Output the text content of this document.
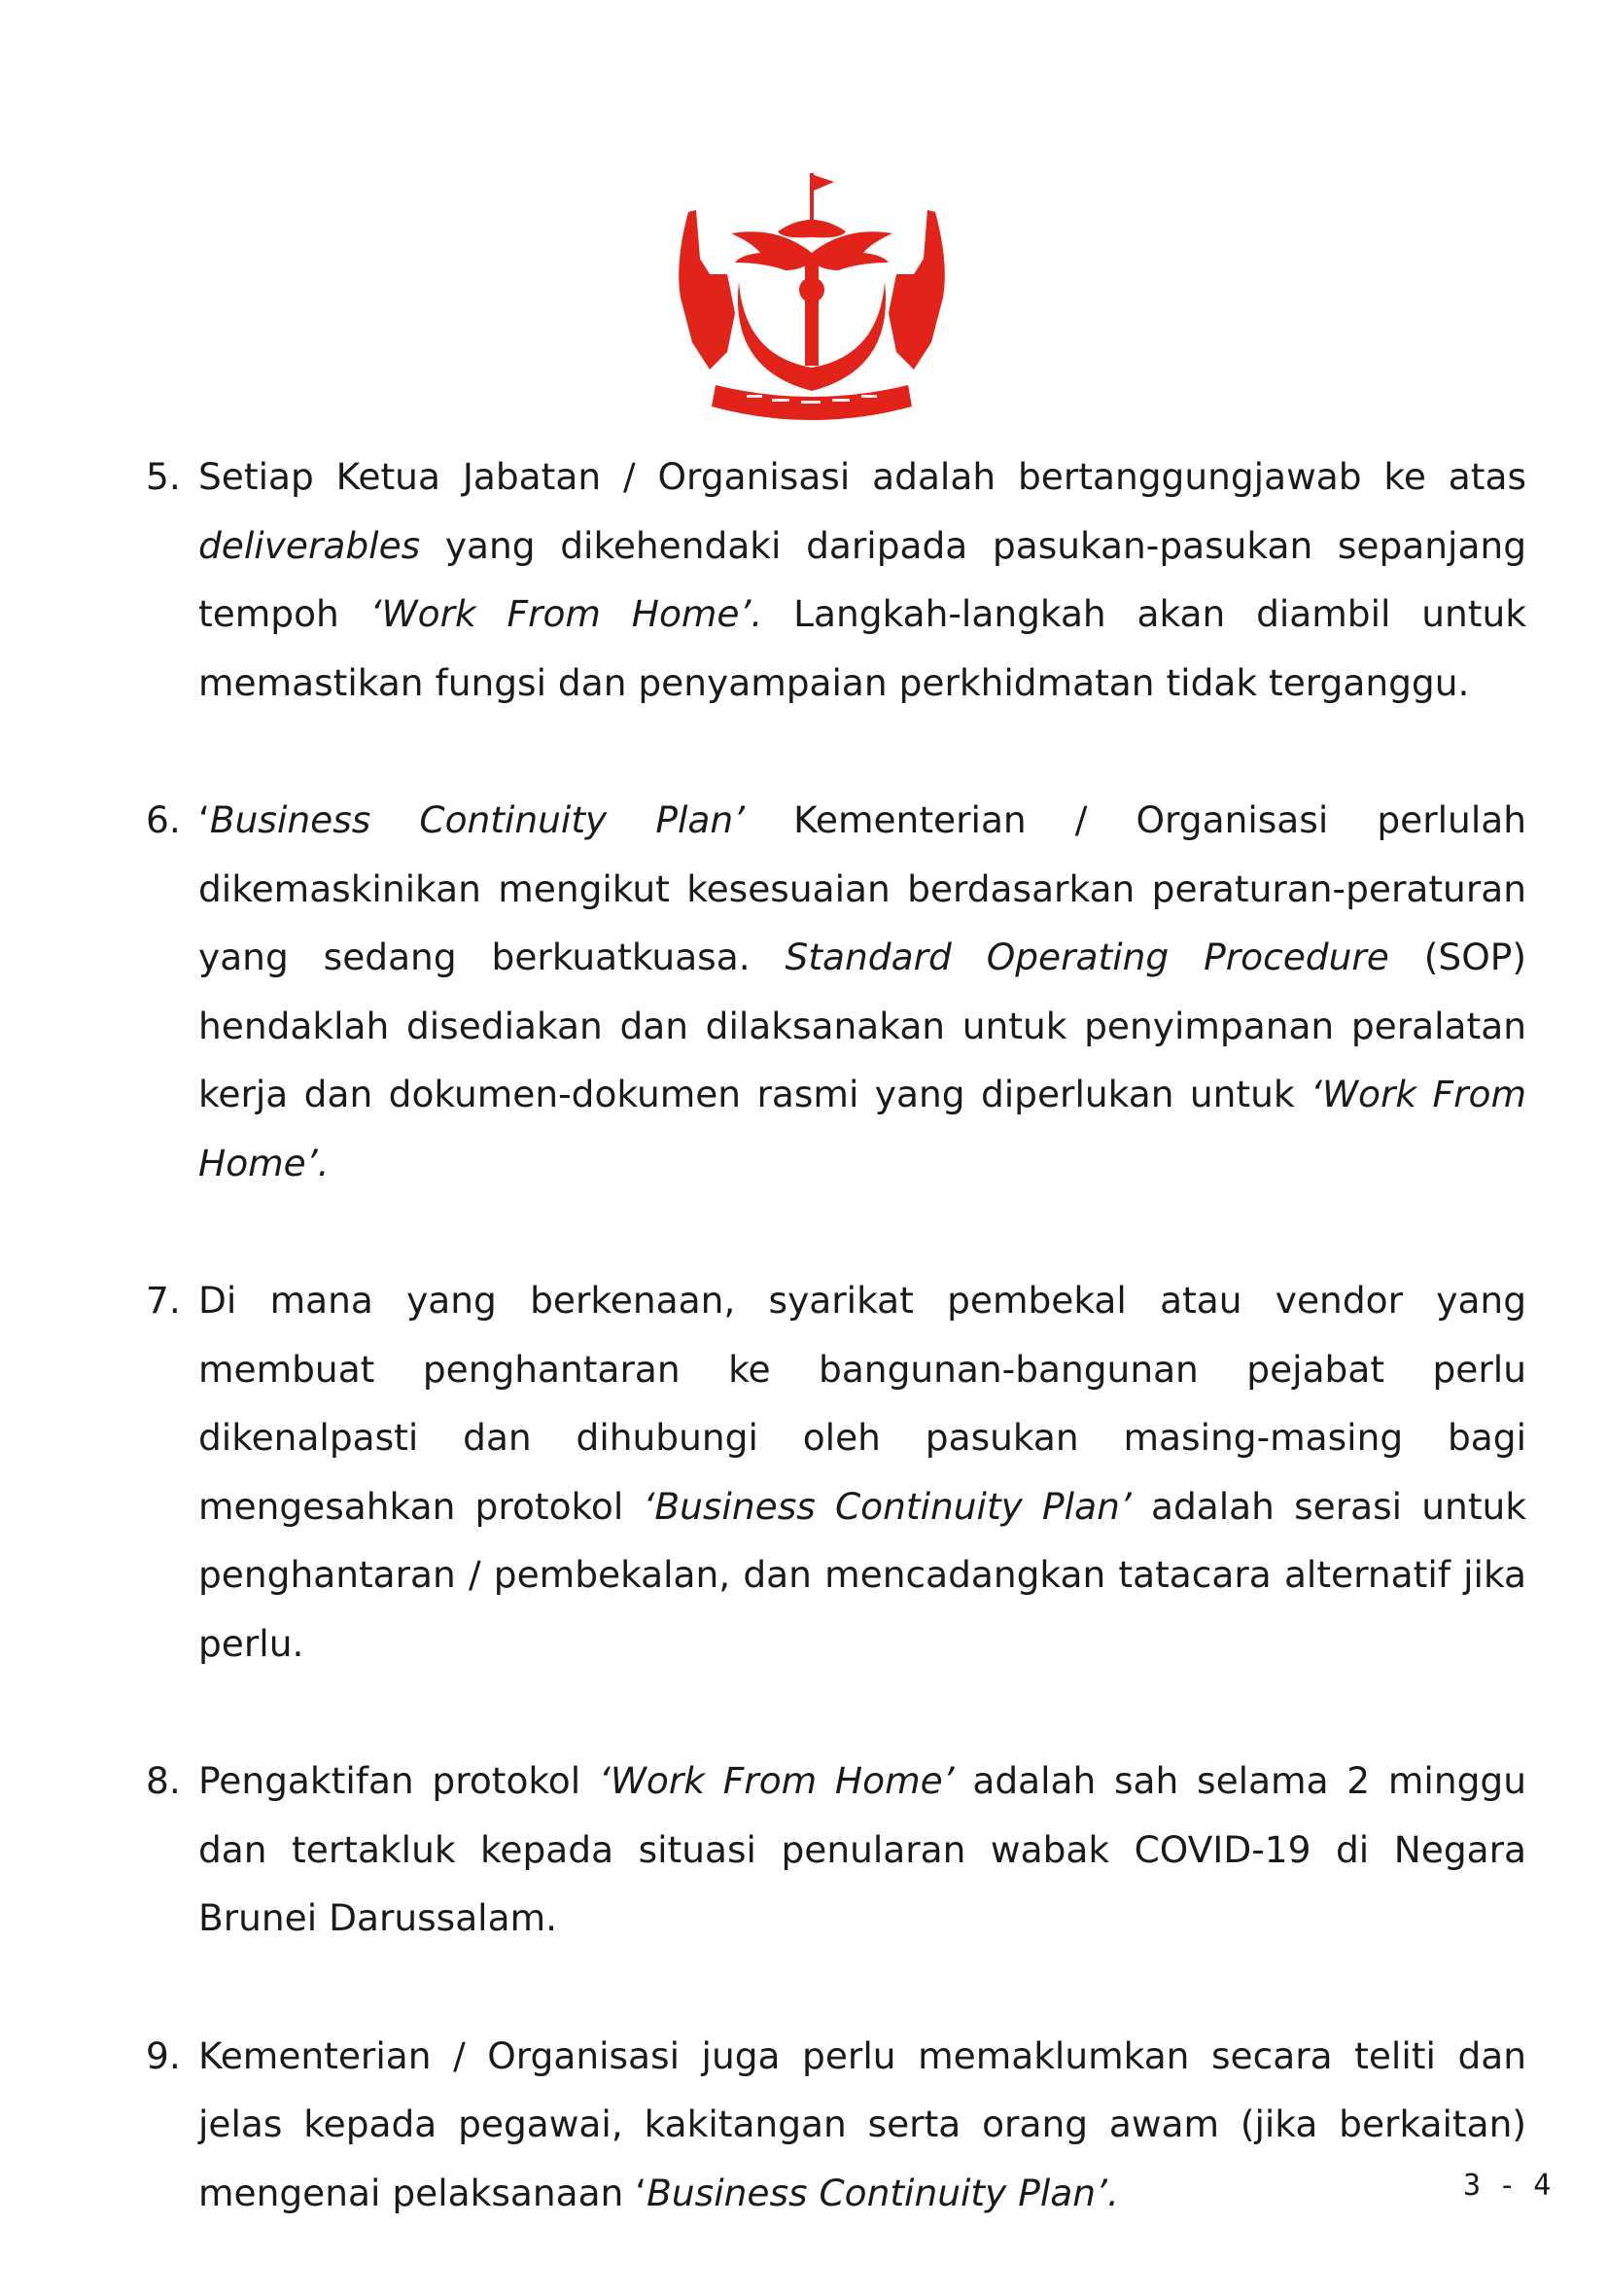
5. Setiap Ketua Jabatan / Organisasi adalah bertanggungjawab ke atas deliverables yang dikehendaki daripada pasukan-pasukan sepanjang tempoh ‘Work From Home’. Langkah-langkah akan diambil untuk memastikan fungsi dan penyampaian perkhidmatan tidak terganggu.
6. ‘Business Continuity Plan’ Kementerian / Organisasi perlulah dikemaskinikan mengikut kesesuaian berdasarkan peraturan-peraturan yang sedang berkuatkuasa. Standard Operating Procedure (SOP) hendaklah disediakan dan dilaksanakan untuk penyimpanan peralatan kerja dan dokumen-dokumen rasmi yang diperlukan untuk ‘Work From Home’.
7. Di mana yang berkenaan, syarikat pembekal atau vendor yang membuat penghantaran ke bangunan-bangunan pejabat perlu dikenalpasti dan dihubungi oleh pasukan masing-masing bagi mengesahkan protokol ‘Business Continuity Plan’ adalah serasi untuk penghantaran / pembekalan, dan mencadangkan tatacara alternatif jika perlu.
8. Pengaktifan protokol ‘Work From Home’ adalah sah selama 2 minggu dan tertakluk kepada situasi penularan wabak COVID-19 di Negara Brunei Darussalam.
9. Kementerian / Organisasi juga perlu memaklumkan secara teliti dan jelas kepada pegawai, kakitangan serta orang awam (jika berkaitan) mengenai pelaksanaan ‘Business Continuity Plan’.	3 - 4
